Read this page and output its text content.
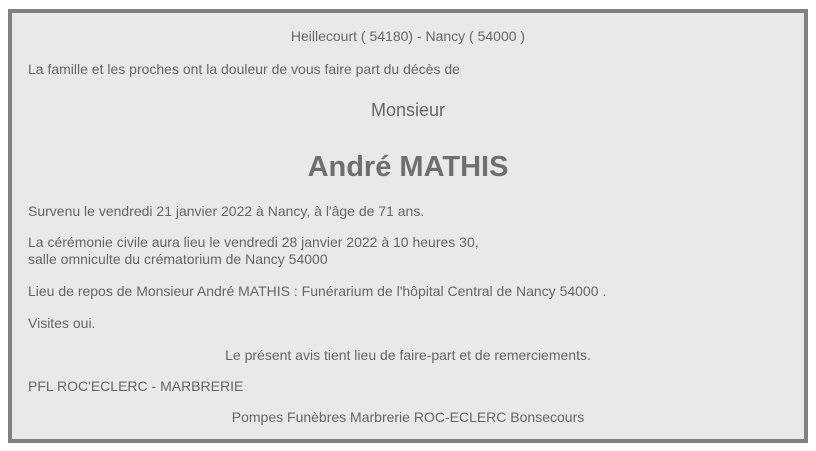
Heillecourt ( 54180) - Nancy ( 54000 )
La famille et les proches ont la douleur de vous faire part du décès de
Monsieur
André MATHIS
Survenu le vendredi 21 janvier 2022 à Nancy, à l'âge de 71 ans.
La cérémonie civile aura lieu le vendredi 28 janvier 2022 à 10 heures 30,
salle omniculte du crématorium de Nancy 54000
Lieu de repos de Monsieur André MATHIS : Funérarium de l'hôpital Central de Nancy 54000 .
Visites oui.
Le présent avis tient lieu de faire-part et de remerciements.
PFL ROC'ECLERC - MARBRERIE
Pompes Funèbres Marbrerie ROC-ECLERC Bonsecours
